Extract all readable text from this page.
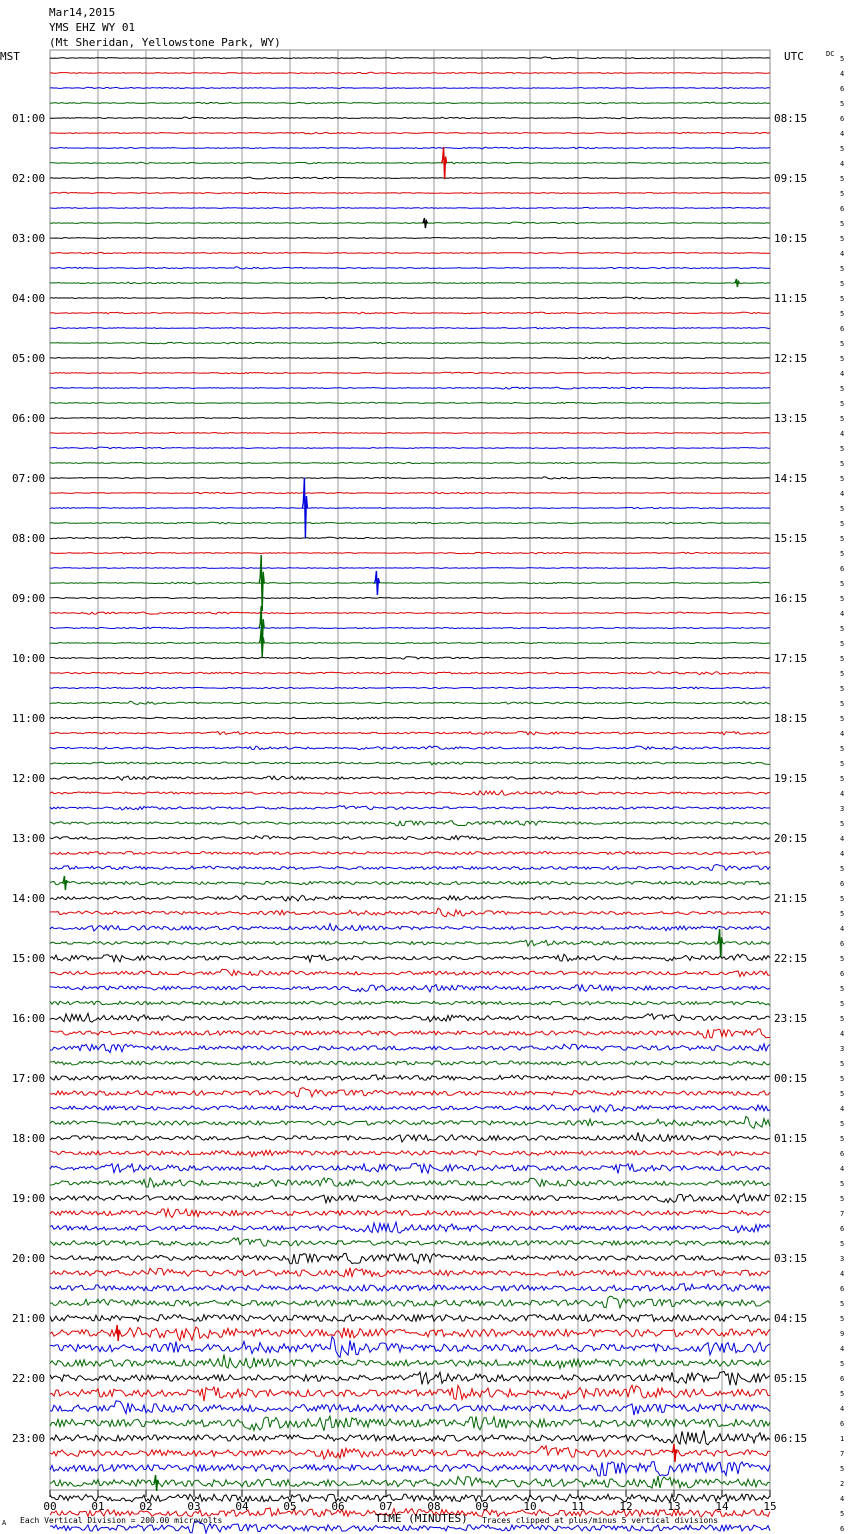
Mar14,2015
YMS EHZ WY 01
(Mt Sheridan, Yellowstone Park, WY)
MST	UTC	DC
01:00
02:00
03:00
04:00
05:00
06:00
07:00
08:00
09:00
10:00
11:00
12:00
13:00
14:00
15:00
16:00
17:00
18:00
19:00
20:00
21:00
22:00
23:00
08:15
09:15
10:15
11:15
12:15
13:15
14:15
15:15
16:15
17:15
18:15
19:15
20:15
21:15
22:15
23:15
00:15
01:15
02:15
03:15
04:15
05:15
06:15
5
4
6
5
6
4
5
4
5
5
6
5
5
4
5
5
5
5
6
5
5
4
5
5
5
4
5
5
5
4
5
5
5
5
6
5
5
4
5
5
5
5
5
5
5
4
5
5
5
4
3
5
4
4
5
6
5
5
4
6
5
6
5
5
5
4
3
5
5
5
4
5
5
6
4
5
5
7
6
5
3
4
6
5
5
9
4
5
6
5
4
6
1
7
5
2
4
5
6
00	01	02	03	04	05	06	07	08	09	10	11	12	13	14	15
TIME (MINUTES)
Each Vertical Division = 200.00 microvolts	Traces clipped at plus/minus 5 vertical divisions
A
